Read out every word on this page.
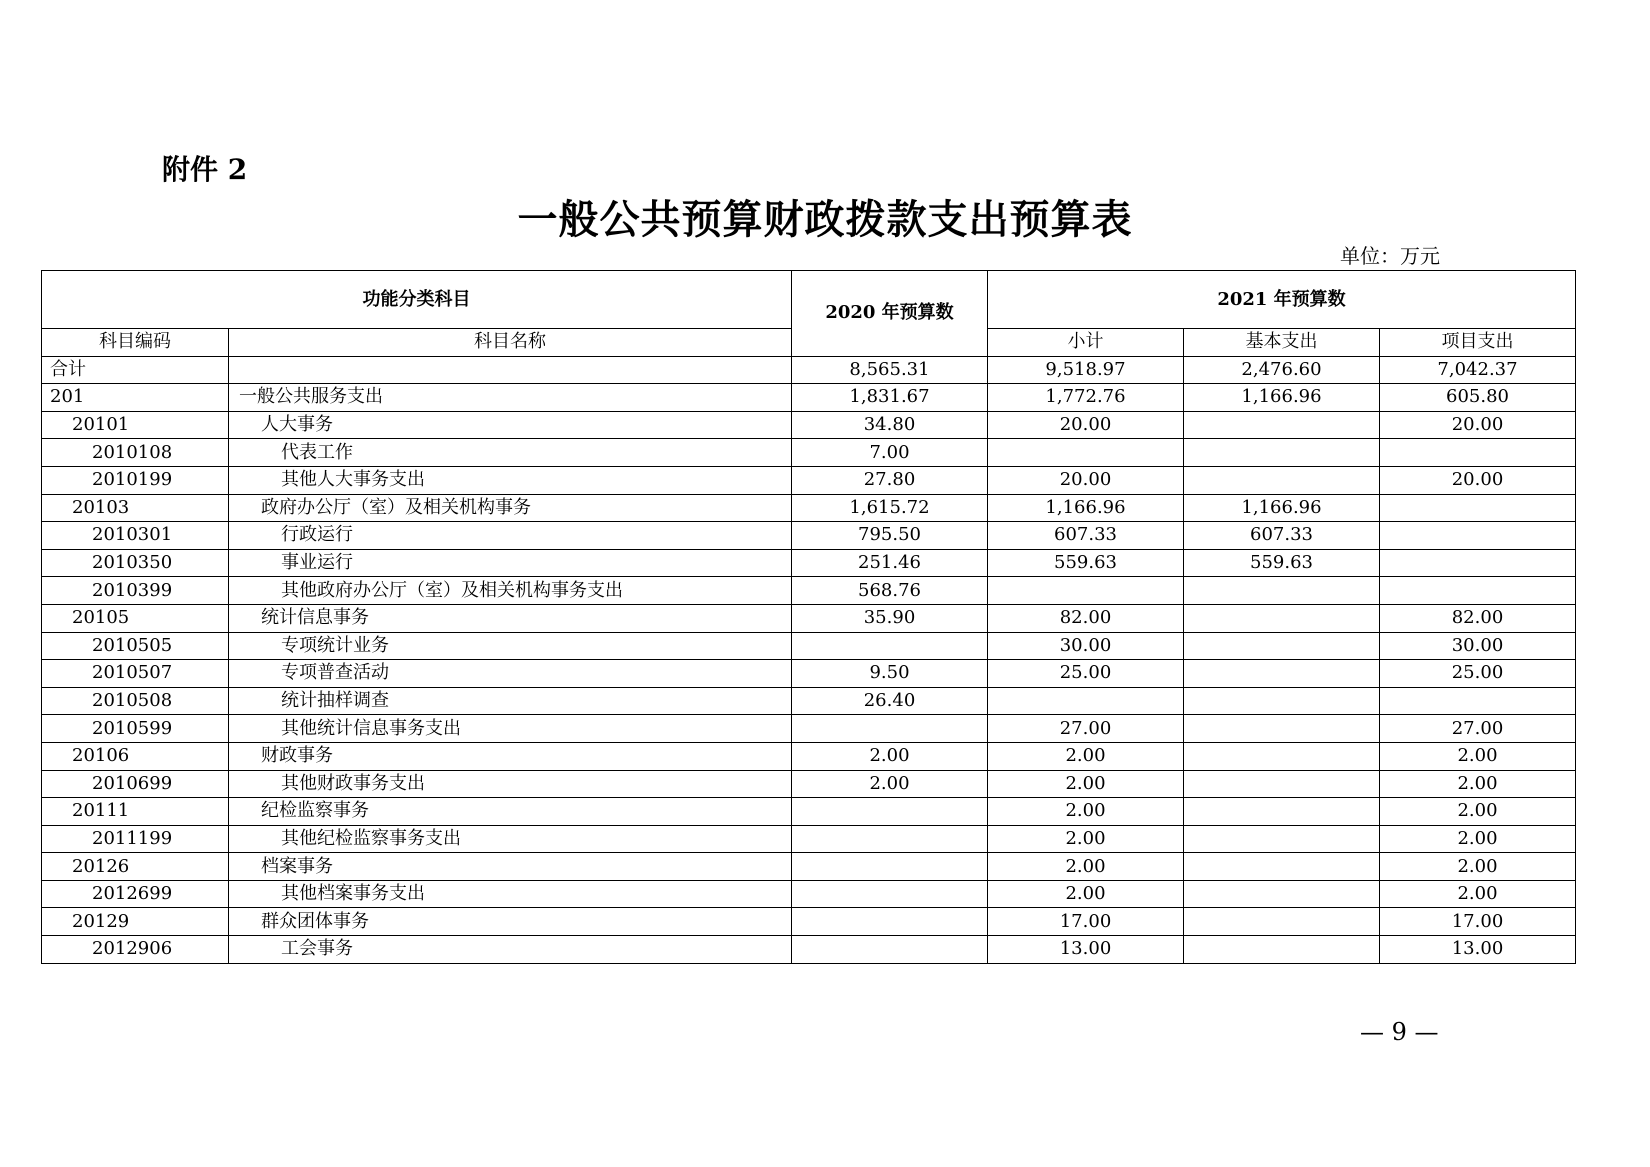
附件 2
一般公共预算财政拨款支出预算表
单位：万元
功能分类科目		2020 年预算数	2021 年预算数		
科目编码	科目名称		小计	基本支出	项目支出
合计		8,565.31	9,518.97	2,476.60	7,042.37
201	一般公共服务支出	1,831.67	1,772.76	1,166.96	605.80
20101	人大事务	34.80	20.00		20.00
2010108	代表工作	7.00			
2010199	其他人大事务支出	27.80	20.00		20.00
20103	政府办公厅（室）及相关机构事务	1,615.72	1,166.96	1,166.96	
2010301	行政运行	795.50	607.33	607.33	
2010350	事业运行	251.46	559.63	559.63	
2010399	其他政府办公厅（室）及相关机构事务支出	568.76			
20105	统计信息事务	35.90	82.00		82.00
2010505	专项统计业务		30.00		30.00
2010507	专项普查活动	9.50	25.00		25.00
2010508	统计抽样调查	26.40			
2010599	其他统计信息事务支出		27.00		27.00
20106	财政事务	2.00	2.00		2.00
2010699	其他财政事务支出	2.00	2.00		2.00
20111	纪检监察事务		2.00		2.00
2011199	其他纪检监察事务支出		2.00		2.00
20126	档案事务		2.00		2.00
2012699	其他档案事务支出		2.00		2.00
20129	群众团体事务		17.00		17.00
2012906	工会事务		13.00		13.00
— 9 —
